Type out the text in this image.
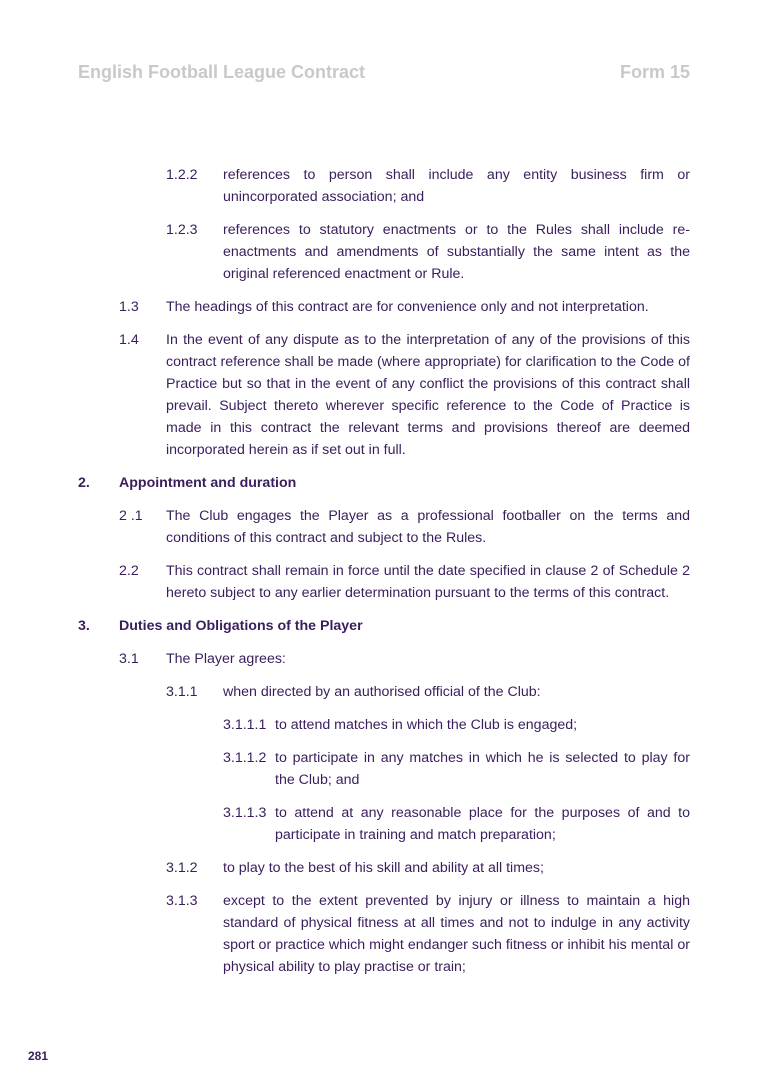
English Football League Contract	Form 15
1.2.2	references to person shall include any entity business firm or unincorporated association; and
1.2.3	references to statutory enactments or to the Rules shall include re-enactments and amendments of substantially the same intent as the original referenced enactment or Rule.
1.3	The headings of this contract are for convenience only and not interpretation.
1.4	In the event of any dispute as to the interpretation of any of the provisions of this contract reference shall be made (where appropriate) for clarification to the Code of Practice but so that in the event of any conflict the provisions of this contract shall prevail. Subject thereto wherever specific reference to the Code of Practice is made in this contract the relevant terms and provisions thereof are deemed incorporated herein as if set out in full.
2.	Appointment and duration
2 .1	The Club engages the Player as a professional footballer on the terms and conditions of this contract and subject to the Rules.
2.2	This contract shall remain in force until the date specified in clause 2 of Schedule 2 hereto subject to any earlier determination pursuant to the terms of this contract.
3.	Duties and Obligations of the Player
3.1	The Player agrees:
3.1.1	when directed by an authorised official of the Club:
3.1.1.1 to attend matches in which the Club is engaged;
3.1.1.2 to participate in any matches in which he is selected to play for the Club; and
3.1.1.3 to attend at any reasonable place for the purposes of and to participate in training and match preparation;
3.1.2	to play to the best of his skill and ability at all times;
3.1.3	except to the extent prevented by injury or illness to maintain a high standard of physical fitness at all times and not to indulge in any activity sport or practice which might endanger such fitness or inhibit his mental or physical ability to play practise or train;
281
